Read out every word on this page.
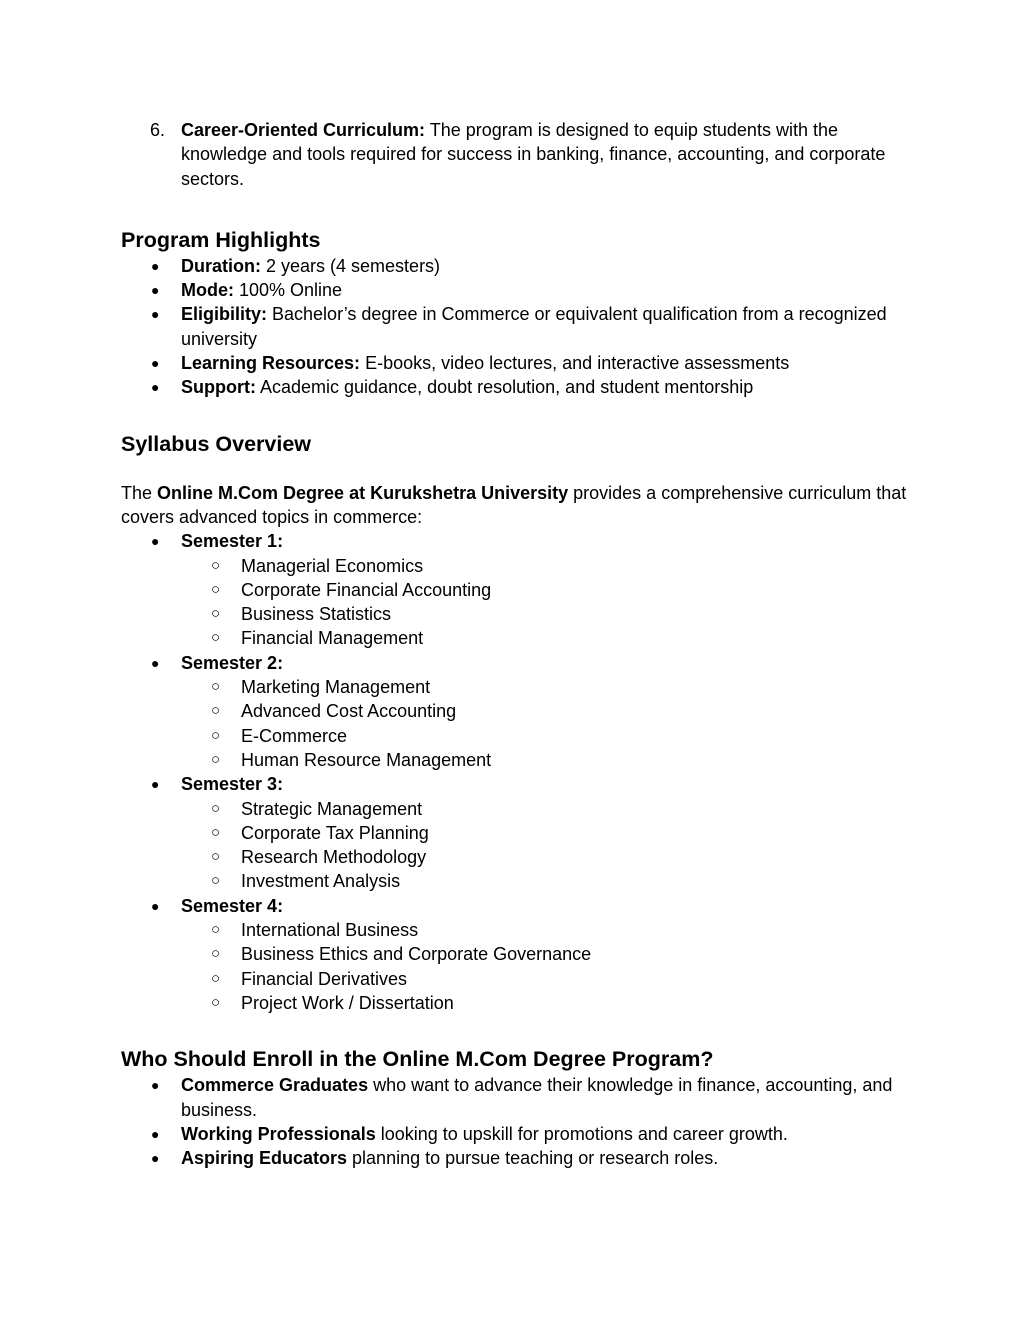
6. Career-Oriented Curriculum: The program is designed to equip students with the knowledge and tools required for success in banking, finance, accounting, and corporate sectors.
Program Highlights
● Duration: 2 years (4 semesters)
● Mode: 100% Online
● Eligibility: Bachelor’s degree in Commerce or equivalent qualification from a recognized university
● Learning Resources: E-books, video lectures, and interactive assessments
● Support: Academic guidance, doubt resolution, and student mentorship
Syllabus Overview

The Online M.Com Degree at Kurukshetra University provides a comprehensive curriculum that covers advanced topics in commerce:

● Semester 1:
○ Managerial Economics
○ Corporate Financial Accounting
○ Business Statistics
○ Financial Management
● Semester 2:
○ Marketing Management
○ Advanced Cost Accounting
○ E-Commerce
○ Human Resource Management
● Semester 3:
○ Strategic Management
○ Corporate Tax Planning
○ Research Methodology
○ Investment Analysis
● Semester 4:
○ International Business
○ Business Ethics and Corporate Governance
○ Financial Derivatives
○ Project Work / Dissertation
Who Should Enroll in the Online M.Com Degree Program?
● Commerce Graduates who want to advance their knowledge in finance, accounting, and business.
● Working Professionals looking to upskill for promotions and career growth.
● Aspiring Educators planning to pursue teaching or research roles.
